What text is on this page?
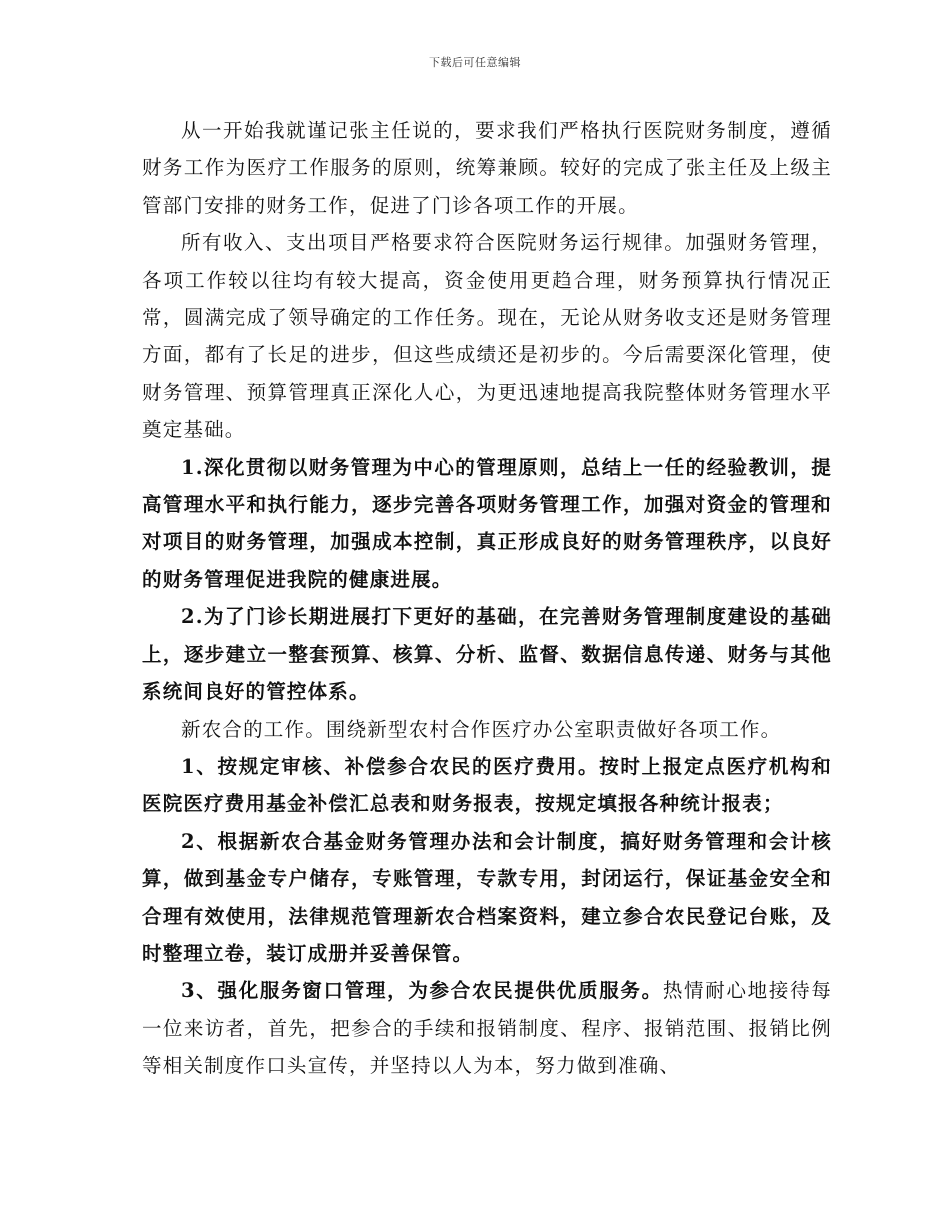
下载后可任意编辑

从一开始我就谨记张主任说的，要求我们严格执行医院财务制度，遵循财务工作为医疗工作服务的原则，统筹兼顾。较好的完成了张主任及上级主管部门安排的财务工作，促进了门诊各项工作的开展。

所有收入、支出项目严格要求符合医院财务运行规律。加强财务管理，各项工作较以往均有较大提高，资金使用更趋合理，财务预算执行情况正常，圆满完成了领导确定的工作任务。现在，无论从财务收支还是财务管理方面，都有了长足的进步，但这些成绩还是初步的。今后需要深化管理，使财务管理、预算管理真正深化人心，为更迅速地提高我院整体财务管理水平奠定基础。

1.深化贯彻以财务管理为中心的管理原则，总结上一任的经验教训，提高管理水平和执行能力，逐步完善各项财务管理工作，加强对资金的管理和对项目的财务管理，加强成本控制，真正形成良好的财务管理秩序，以良好的财务管理促进我院的健康进展。

2.为了门诊长期进展打下更好的基础，在完善财务管理制度建设的基础上，逐步建立一整套预算、核算、分析、监督、数据信息传递、财务与其他系统间良好的管控体系。

新农合的工作。围绕新型农村合作医疗办公室职责做好各项工作。

1、按规定审核、补偿参合农民的医疗费用。按时上报定点医疗机构和医院医疗费用基金补偿汇总表和财务报表，按规定填报各种统计报表；

2、根据新农合基金财务管理办法和会计制度，搞好财务管理和会计核算，做到基金专户储存，专账管理，专款专用，封闭运行，保证基金安全和合理有效使用，法律规范管理新农合档案资料，建立参合农民登记台账，及时整理立卷，装订成册并妥善保管。

3、强化服务窗口管理，为参合农民提供优质服务。热情耐心地接待每一位来访者，首先，把参合的手续和报销制度、程序、报销范围、报销比例等相关制度作口头宣传，并坚持以人为本，努力做到准确、
